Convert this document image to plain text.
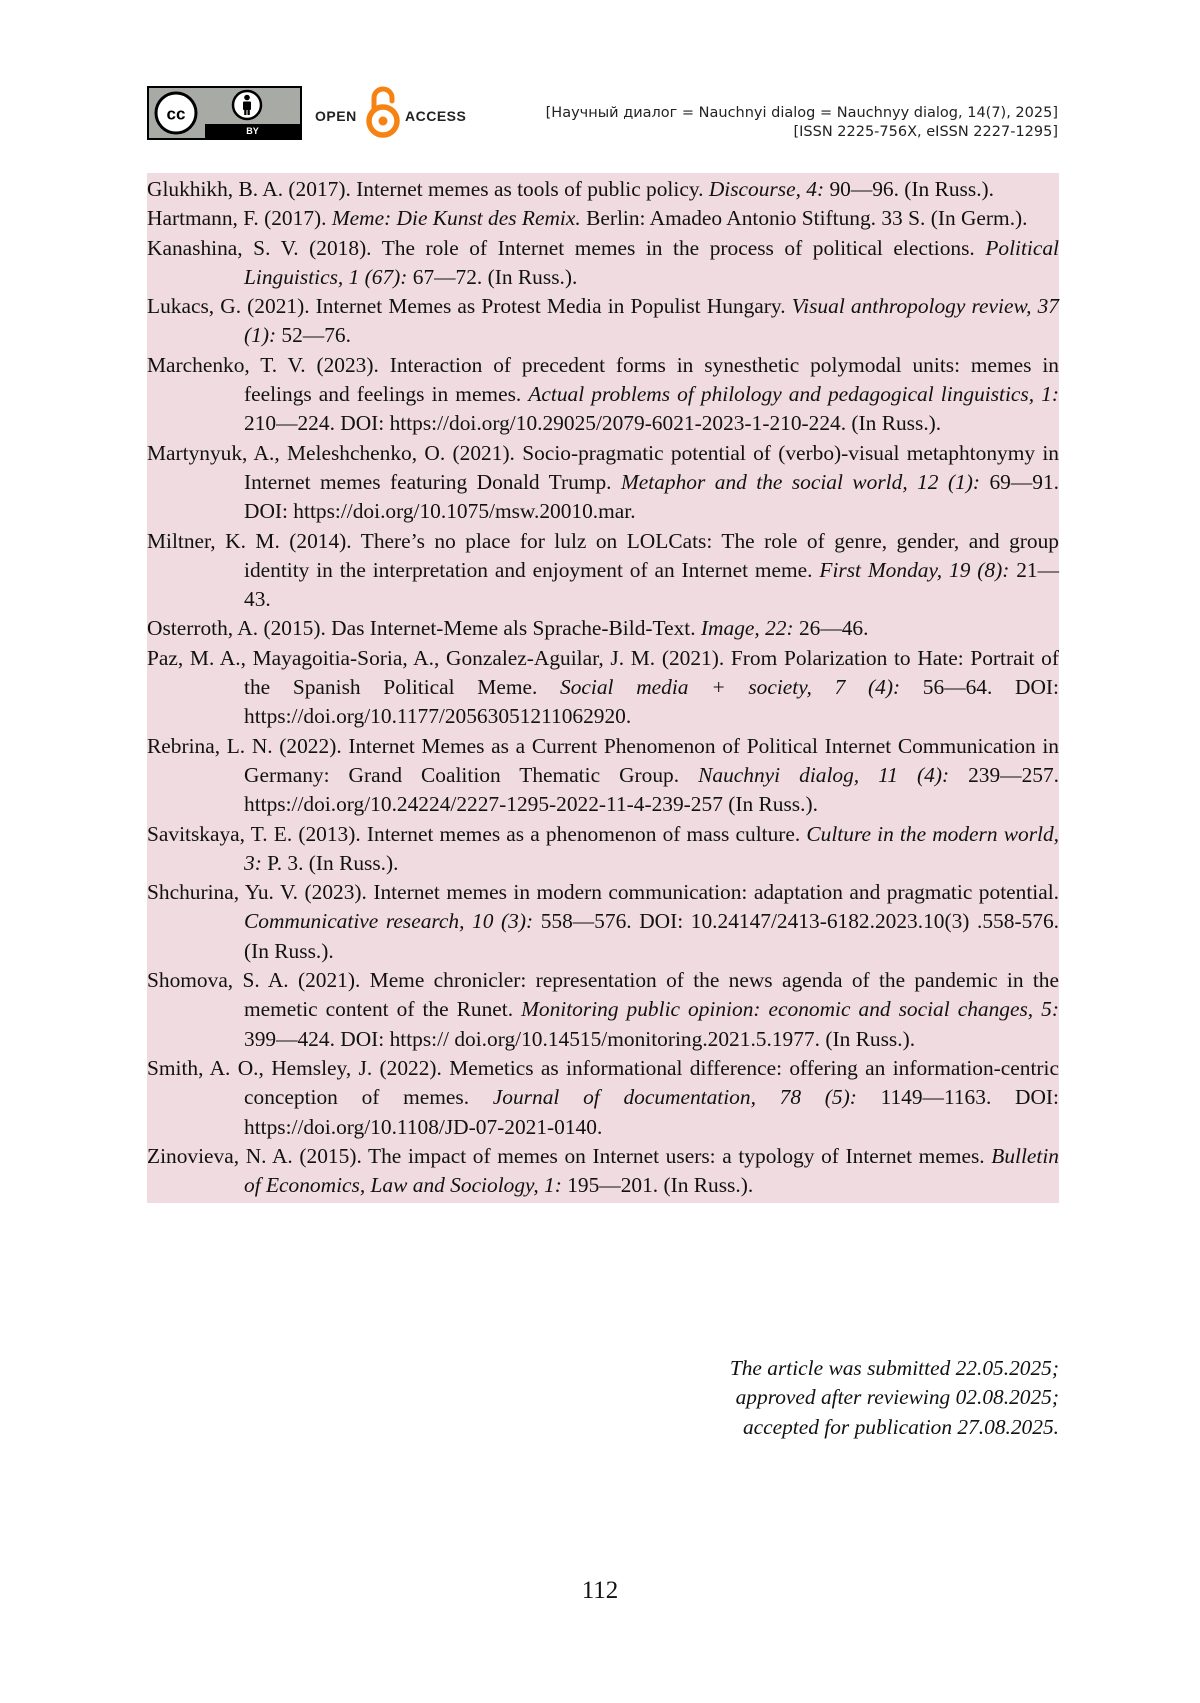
cc
BY
OPEN	ACCESS	[Научный диалог = Nauchnyi dialog = Nauchnyy dialog, 14(7), 2025]
[ISSN 2225-756X, eISSN 2227-1295]

Glukhikh, B. A. (2017). Internet memes as tools of public policy. Discourse, 4: 90—96. (In Russ.).

Hartmann, F. (2017). Meme: Die Kunst des Remix. Berlin: Amadeo Antonio Stiftung. 33 S. (In Germ.).

Kanashina, S. V. (2018). The role of Internet memes in the process of political elections. Political Linguistics, 1 (67): 67—72. (In Russ.).

Lukacs, G. (2021). Internet Memes as Protest Media in Populist Hungary. Visual anthropology review, 37 (1): 52—76.

Marchenko, T. V. (2023). Interaction of precedent forms in synesthetic polymodal units: memes in feelings and feelings in memes. Actual problems of philology and pedagogical linguistics, 1: 210—224. DOI: https://doi.org/10.29025/2079-6021-2023-1-210-224. (In Russ.).

Martynyuk, A., Meleshchenko, O. (2021). Socio-pragmatic potential of (verbo)-visual metaphtonymy in Internet memes featuring Donald Trump. Metaphor and the social world, 12 (1): 69—91. DOI: https://doi.org/10.1075/msw.20010.mar.

Miltner, K. M. (2014). There’s no place for lulz on LOLCats: The role of genre, gender, and group identity in the interpretation and enjoyment of an Internet meme. First Monday, 19 (8): 21—43.

Osterroth, A. (2015). Das Internet-Meme als Sprache-Bild-Text. Image, 22: 26—46.

Paz, M. A., Mayagoitia-Soria, A., Gonzalez-Aguilar, J. M. (2021). From Polarization to Hate: Portrait of the Spanish Political Meme. Social media + society, 7 (4): 56—64. DOI: https://doi.org/10.1177/20563051211062920.

Rebrina, L. N. (2022). Internet Memes as a Current Phenomenon of Political Internet Communication in Germany: Grand Coalition Thematic Group. Nauchnyi dialog, 11 (4): 239—257. https://doi.org/10.24224/2227-1295-2022-11-4-239-257 (In Russ.).

Savitskaya, T. E. (2013). Internet memes as a phenomenon of mass culture. Culture in the modern world, 3: P. 3. (In Russ.).

Shchurina, Yu. V. (2023). Internet memes in modern communication: adaptation and pragmatic potential. Communicative research, 10 (3): 558—576. DOI: 10.24147/2413-6182.2023.10(3) .558-576. (In Russ.).

Shomova, S. A. (2021). Meme chronicler: representation of the news agenda of the pandemic in the memetic content of the Runet. Monitoring public opinion: economic and social changes, 5: 399—424. DOI: https:// doi.org/10.14515/monitoring.2021.5.1977. (In Russ.).

Smith, A. O., Hemsley, J. (2022). Memetics as informational difference: offering an information-centric conception of memes. Journal of documentation, 78 (5): 1149—1163. DOI: https://doi.org/10.1108/JD-07-2021-0140.

Zinovieva, N. A. (2015). The impact of memes on Internet users: a typology of Internet memes. Bulletin of Economics, Law and Sociology, 1: 195—201. (In Russ.).

The article was submitted 22.05.2025;
approved after reviewing 02.08.2025;
accepted for publication 27.08.2025.
112
